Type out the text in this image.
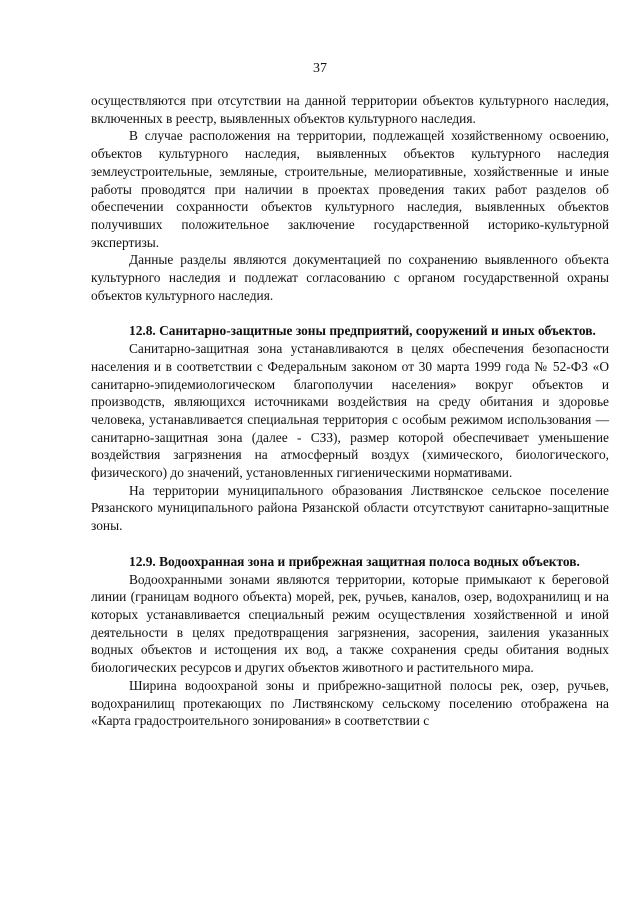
37

осуществляются при отсутствии на данной территории объектов культурного наследия, включенных в реестр, выявленных объектов культурного наследия.

В случае расположения на территории, подлежащей хозяйственному освоению, объектов культурного наследия, выявленных объектов культурного наследия землеустроительные, земляные, строительные, мелиоративные, хозяйственные и иные работы проводятся при наличии в проектах проведения таких работ разделов об обеспечении сохранности объектов культурного наследия, выявленных объектов получивших положительное заключение государственной историко-культурной экспертизы.

Данные разделы являются документацией по сохранению выявленного объекта культурного наследия и подлежат согласованию с органом государственной охраны объектов культурного наследия.

12.8. Санитарно-защитные зоны предприятий, сооружений и иных объектов.

Санитарно-защитная зона устанавливаются в целях обеспечения безопасности населения и в соответствии с Федеральным законом от 30 марта 1999 года № 52-ФЗ «О санитарно-эпидемиологическом благополучии населения» вокруг объектов и производств, являющихся источниками воздействия на среду обитания и здоровье человека, устанавливается специальная территория с особым режимом использования — санитарно-защитная зона (далее - СЗЗ), размер которой обеспечивает уменьшение воздействия загрязнения на атмосферный воздух (химического, биологического, физического) до значений, установленных гигиеническими нормативами.

На территории муниципального образования Листвянское сельское поселение Рязанского муниципального района Рязанской области отсутствуют санитарно-защитные зоны.

12.9. Водоохранная зона и прибрежная защитная полоса водных объектов.

Водоохранными зонами являются территории, которые примыкают к береговой линии (границам водного объекта) морей, рек, ручьев, каналов, озер, водохранилищ и на которых устанавливается специальный режим осуществления хозяйственной и иной деятельности в целях предотвращения загрязнения, засорения, заиления указанных водных объектов и истощения их вод, а также сохранения среды обитания водных биологических ресурсов и других объектов животного и растительного мира.

Ширина водоохраной зоны и прибрежно-защитной полосы рек, озер, ручьев, водохранилищ протекающих по Листвянскому сельскому поселению отображена на «Карта градостроительного зонирования» в соответствии с
